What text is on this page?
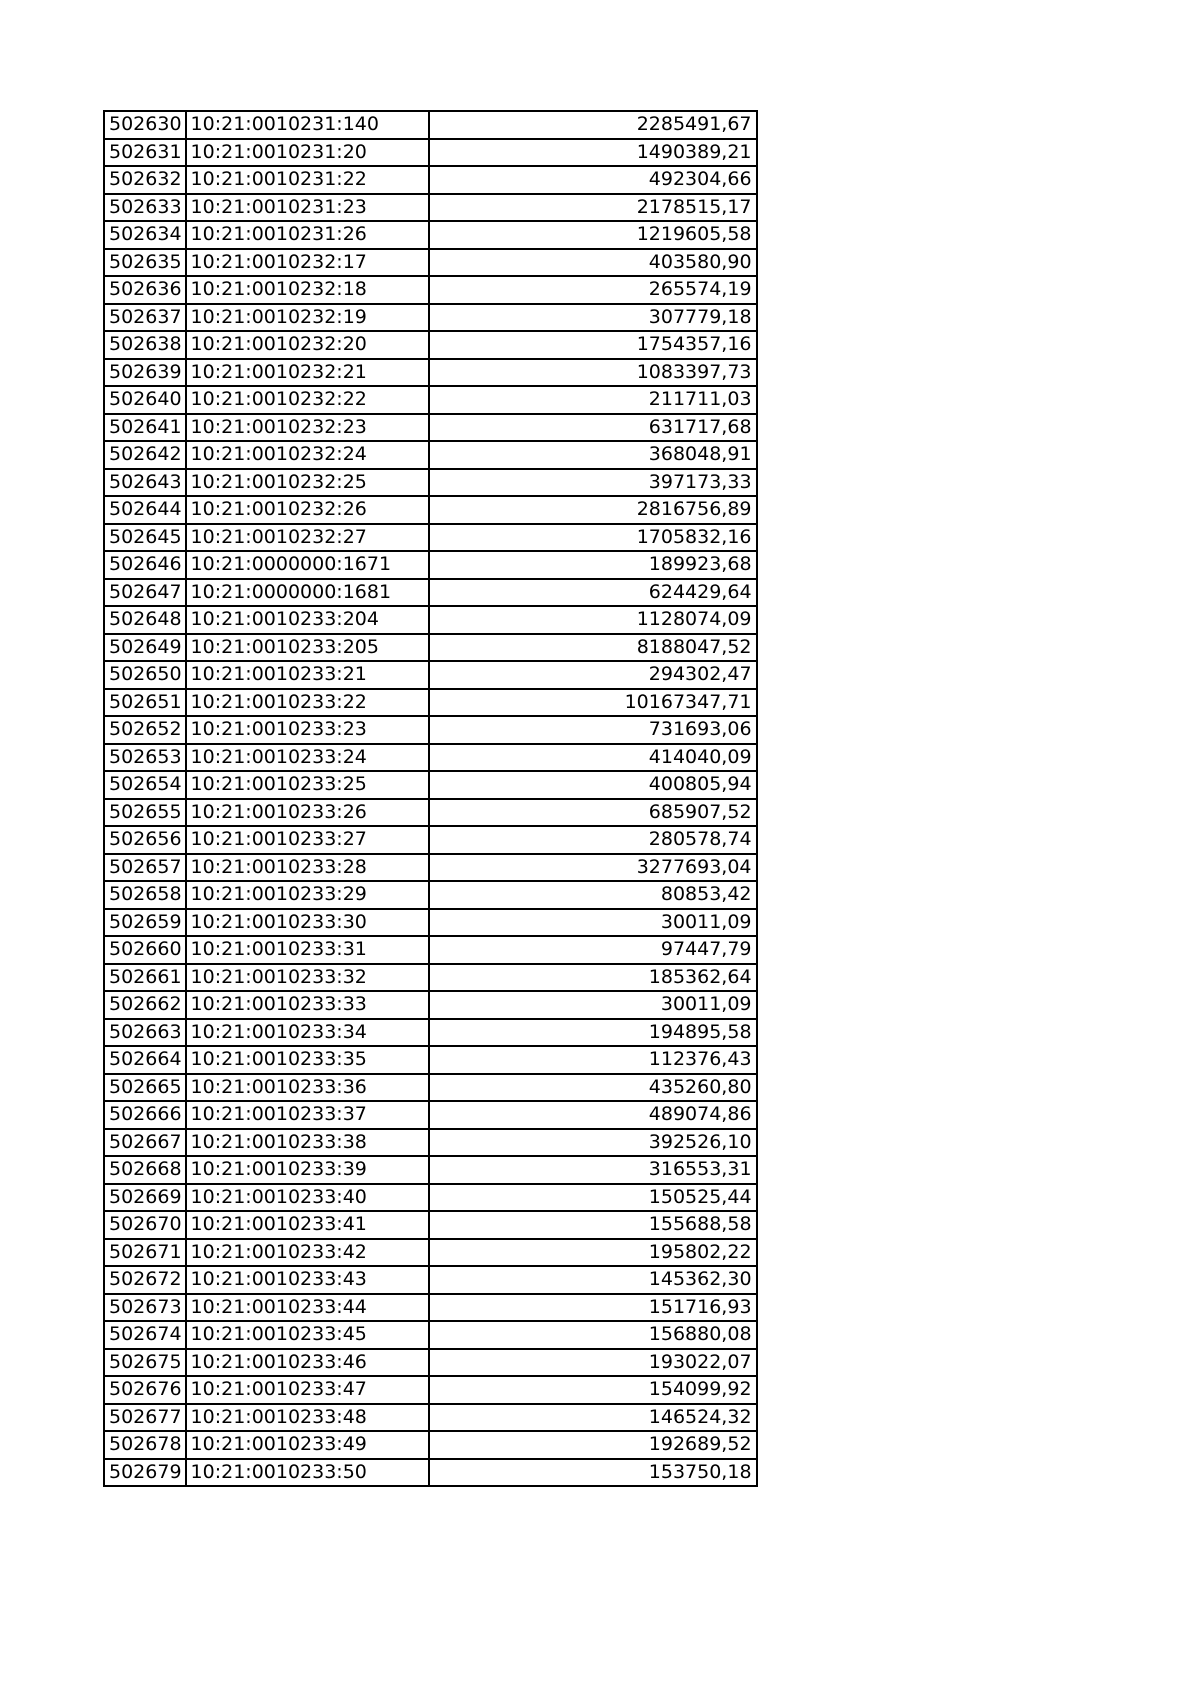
502630	10:21:0010231:140	2285491,67
502631	10:21:0010231:20	1490389,21
502632	10:21:0010231:22	492304,66
502633	10:21:0010231:23	2178515,17
502634	10:21:0010231:26	1219605,58
502635	10:21:0010232:17	403580,90
502636	10:21:0010232:18	265574,19
502637	10:21:0010232:19	307779,18
502638	10:21:0010232:20	1754357,16
502639	10:21:0010232:21	1083397,73
502640	10:21:0010232:22	211711,03
502641	10:21:0010232:23	631717,68
502642	10:21:0010232:24	368048,91
502643	10:21:0010232:25	397173,33
502644	10:21:0010232:26	2816756,89
502645	10:21:0010232:27	1705832,16
502646	10:21:0000000:1671	189923,68
502647	10:21:0000000:1681	624429,64
502648	10:21:0010233:204	1128074,09
502649	10:21:0010233:205	8188047,52
502650	10:21:0010233:21	294302,47
502651	10:21:0010233:22	10167347,71
502652	10:21:0010233:23	731693,06
502653	10:21:0010233:24	414040,09
502654	10:21:0010233:25	400805,94
502655	10:21:0010233:26	685907,52
502656	10:21:0010233:27	280578,74
502657	10:21:0010233:28	3277693,04
502658	10:21:0010233:29	80853,42
502659	10:21:0010233:30	30011,09
502660	10:21:0010233:31	97447,79
502661	10:21:0010233:32	185362,64
502662	10:21:0010233:33	30011,09
502663	10:21:0010233:34	194895,58
502664	10:21:0010233:35	112376,43
502665	10:21:0010233:36	435260,80
502666	10:21:0010233:37	489074,86
502667	10:21:0010233:38	392526,10
502668	10:21:0010233:39	316553,31
502669	10:21:0010233:40	150525,44
502670	10:21:0010233:41	155688,58
502671	10:21:0010233:42	195802,22
502672	10:21:0010233:43	145362,30
502673	10:21:0010233:44	151716,93
502674	10:21:0010233:45	156880,08
502675	10:21:0010233:46	193022,07
502676	10:21:0010233:47	154099,92
502677	10:21:0010233:48	146524,32
502678	10:21:0010233:49	192689,52
502679	10:21:0010233:50	153750,18
